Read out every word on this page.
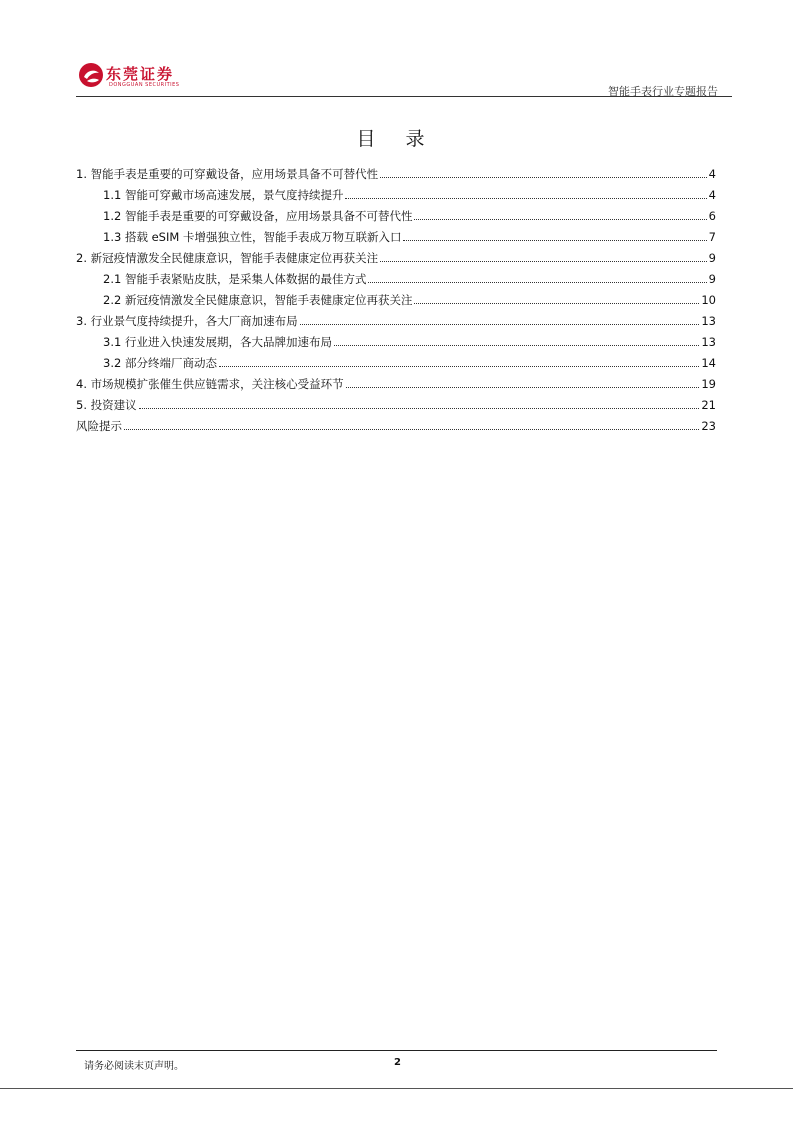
东莞证券
DONGGUAN SECURITIES	智能手表行业专题报告
目 录
1. 智能手表是重要的可穿戴设备，应用场景具备不可替代性	4
1.1 智能可穿戴市场高速发展，景气度持续提升	4
1.2 智能手表是重要的可穿戴设备，应用场景具备不可替代性	6
1.3 搭载 eSIM 卡增强独立性，智能手表成万物互联新入口	7
2. 新冠疫情激发全民健康意识，智能手表健康定位再获关注	9
2.1 智能手表紧贴皮肤，是采集人体数据的最佳方式	9
2.2 新冠疫情激发全民健康意识，智能手表健康定位再获关注	10
3. 行业景气度持续提升，各大厂商加速布局	13
3.1 行业进入快速发展期，各大品牌加速布局	13
3.2 部分终端厂商动态	14
4. 市场规模扩张催生供应链需求，关注核心受益环节	19
5. 投资建议	21
风险提示	23
请务必阅读末页声明。	2
